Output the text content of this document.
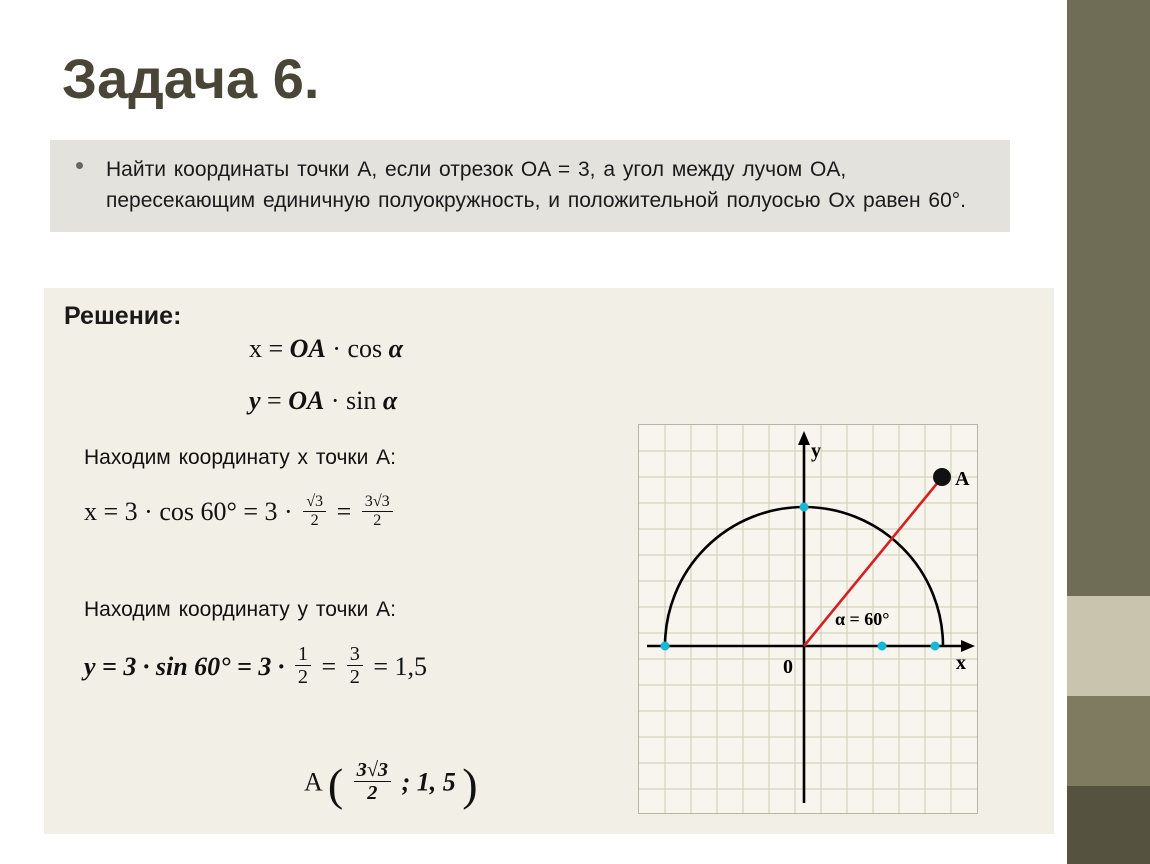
Задача 6.

Найти координаты точки A, если отрезок OA = 3, а угол между лучом OA, пересекающим единичную полуокружность, и положительной полуосью Ox равен 60°.

Решение:
x = OA · cos α
y = OA · sin α
Находим координату x точки A:
$x = 3 \cdot \cos 60^\circ = 3 \cdot \frac{√3}{2} = \frac{3√3}{2}$
Находим координату y точки A:
$y = 3 \cdot \sin 60^\circ = 3 \cdot \frac{1}{2} = \frac{3}{2} = 1,5$
A ( $\frac{3√3}{2}$ ; 1, 5 )
y
x
0
A
α = 60°
